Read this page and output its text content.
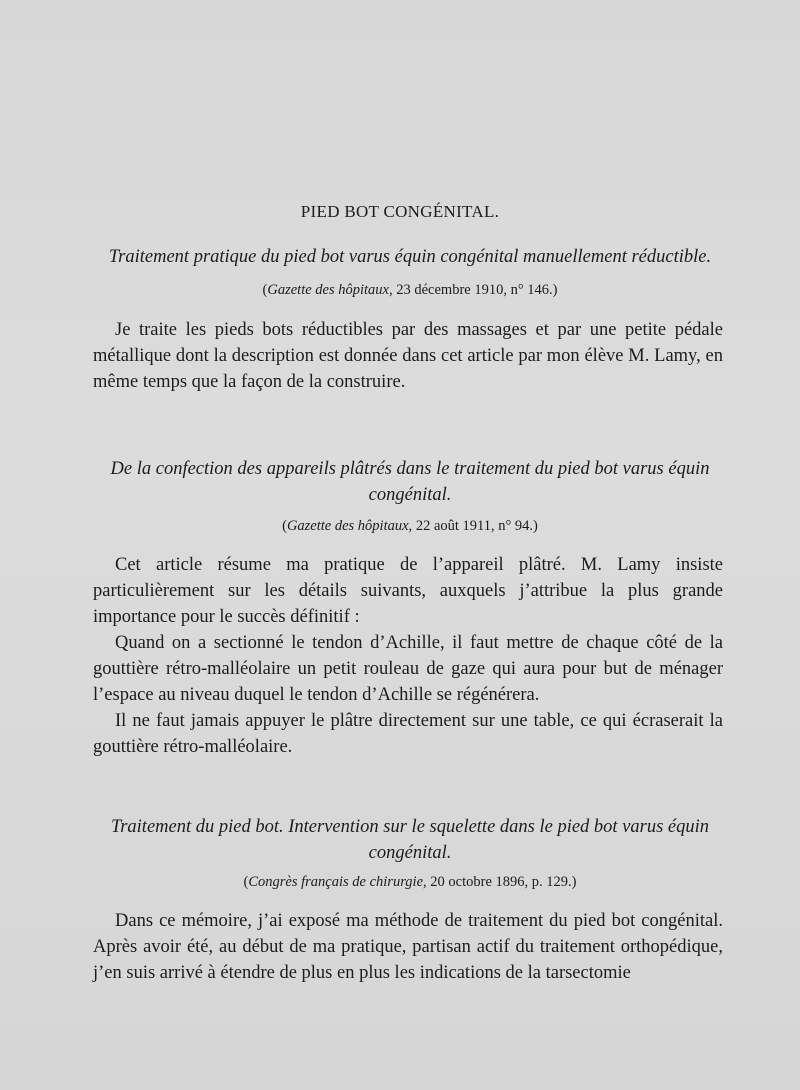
PIED BOT CONGÉNITAL.
Traitement pratique du pied bot varus équin congénital manuellement réductible.
(Gazette des hôpitaux, 23 décembre 1910, n° 146.)

Je traite les pieds bots réductibles par des massages et par une petite pédale métallique dont la description est donnée dans cet article par mon élève M. Lamy, en même temps que la façon de la construire.

De la confection des appareils plâtrés dans le traitement du pied bot varus équin congénital.
(Gazette des hôpitaux, 22 août 1911, n° 94.)

Cet article résume ma pratique de l’appareil plâtré. M. Lamy insiste particulièrement sur les détails suivants, auxquels j’attribue la plus grande importance pour le succès définitif :

Quand on a sectionné le tendon d’Achille, il faut mettre de chaque côté de la gouttière rétro-malléolaire un petit rouleau de gaze qui aura pour but de ménager l’espace au niveau duquel le tendon d’Achille se régénérera.

Il ne faut jamais appuyer le plâtre directement sur une table, ce qui écraserait la gouttière rétro-malléolaire.

Traitement du pied bot. Intervention sur le squelette dans le pied bot varus équin congénital.
(Congrès français de chirurgie, 20 octobre 1896, p. 129.)

Dans ce mémoire, j’ai exposé ma méthode de traitement du pied bot congénital. Après avoir été, au début de ma pratique, partisan actif du traitement orthopédique, j’en suis arrivé à étendre de plus en plus les indications de la tarsectomie
